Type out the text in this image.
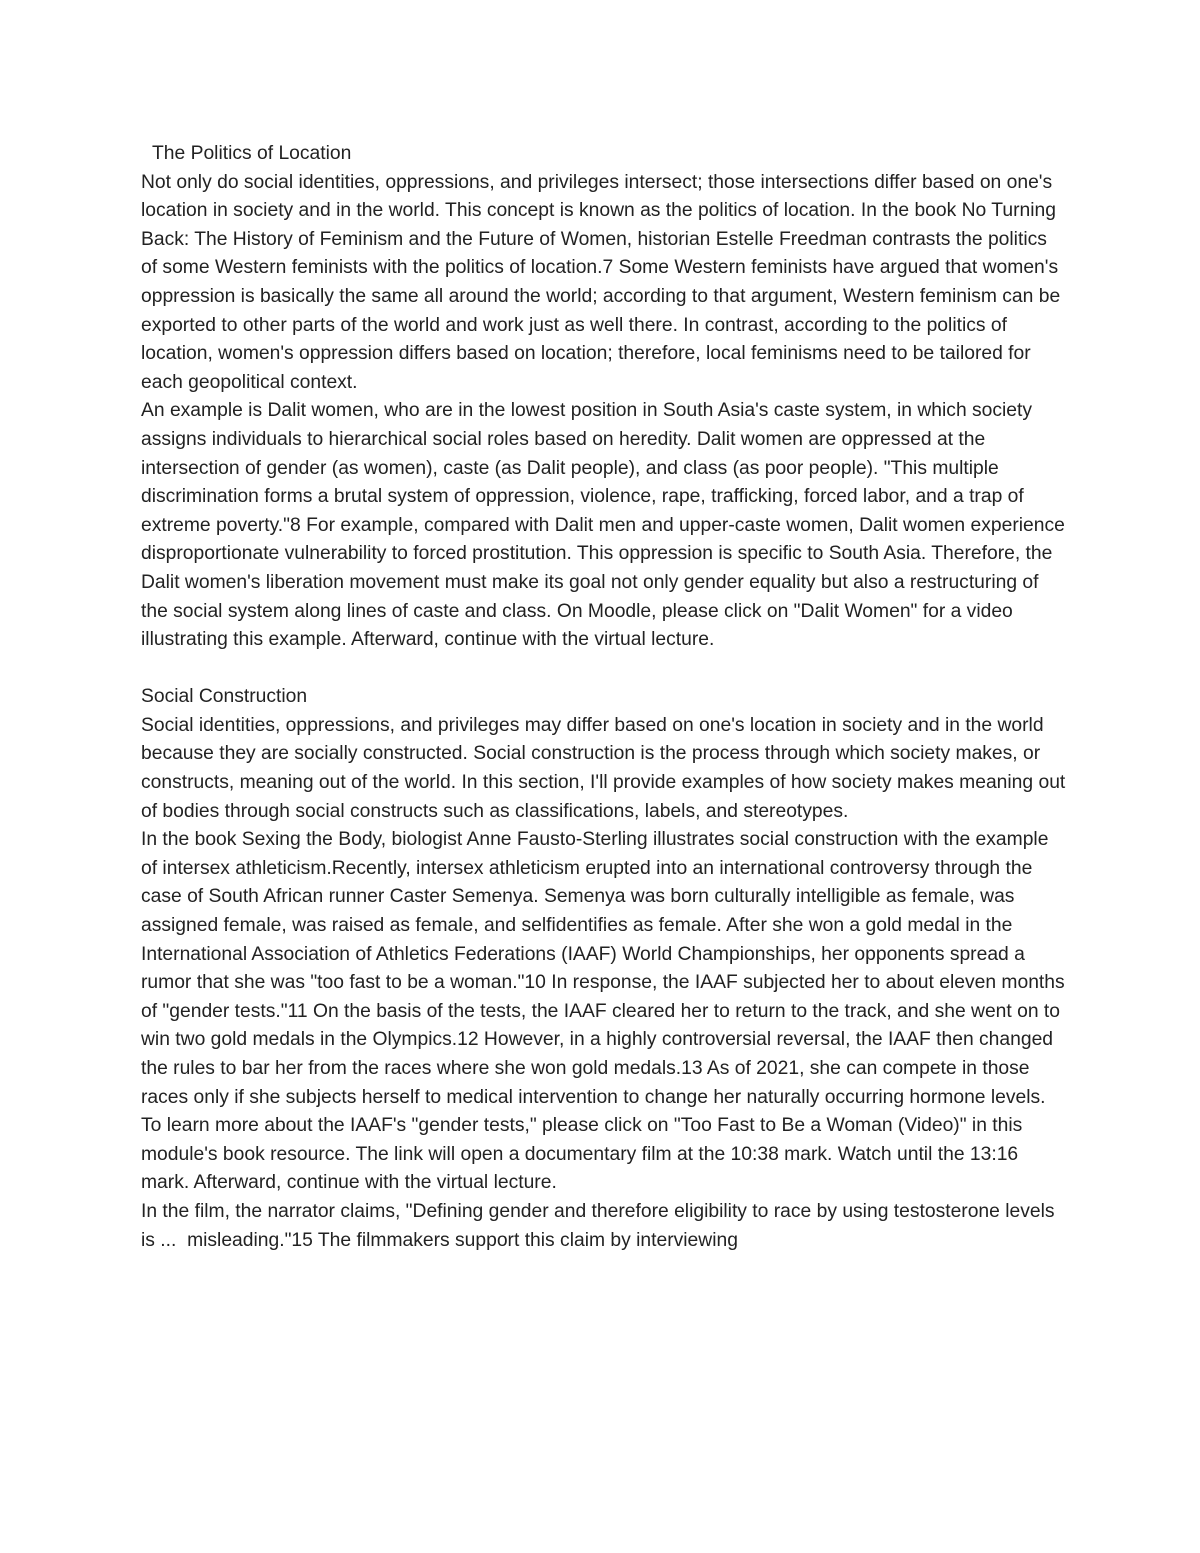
The Politics of Location

Not only do social identities, oppressions, and privileges intersect; those intersections differ based on one's location in society and in the world. This concept is known as the politics of location. In the book No Turning Back: The History of Feminism and the Future of Women, historian Estelle Freedman contrasts the politics of some Western feminists with the politics of location.7 Some Western feminists have argued that women's oppression is basically the same all around the world; according to that argument, Western feminism can be exported to other parts of the world and work just as well there. In contrast, according to the politics of location, women's oppression differs based on location; therefore, local feminisms need to be tailored for each geopolitical context.

An example is Dalit women, who are in the lowest position in South Asia's caste system, in which society assigns individuals to hierarchical social roles based on heredity. Dalit women are oppressed at the intersection of gender (as women), caste (as Dalit people), and class (as poor people). "This multiple discrimination forms a brutal system of oppression, violence, rape, trafficking, forced labor, and a trap of extreme poverty."8 For example, compared with Dalit men and upper-caste women, Dalit women experience disproportionate vulnerability to forced prostitution. This oppression is specific to South Asia. Therefore, the Dalit women's liberation movement must make its goal not only gender equality but also a restructuring of the social system along lines of caste and class. On Moodle, please click on "Dalit Women" for a video illustrating this example. Afterward, continue with the virtual lecture.

Social Construction

Social identities, oppressions, and privileges may differ based on one's location in society and in the world because they are socially constructed. Social construction is the process through which society makes, or constructs, meaning out of the world. In this section, I'll provide examples of how society makes meaning out of bodies through social constructs such as classifications, labels, and stereotypes.

In the book Sexing the Body, biologist Anne Fausto-Sterling illustrates social construction with the example of intersex athleticism.Recently, intersex athleticism erupted into an international controversy through the case of South African runner Caster Semenya. Semenya was born culturally intelligible as female, was assigned female, was raised as female, and selfidentifies as female. After she won a gold medal in the International Association of Athletics Federations (IAAF) World Championships, her opponents spread a rumor that she was "too fast to be a woman."10 In response, the IAAF subjected her to about eleven months of "gender tests."11 On the basis of the tests, the IAAF cleared her to return to the track, and she went on to win two gold medals in the Olympics.12 However, in a highly controversial reversal, the IAAF then changed the rules to bar her from the races where she won gold medals.13 As of 2021, she can compete in those races only if she subjects herself to medical intervention to change her naturally occurring hormone levels.

To learn more about the IAAF's "gender tests," please click on "Too Fast to Be a Woman (Video)" in this module's book resource. The link will open a documentary film at the 10:38 mark. Watch until the 13:16 mark. Afterward, continue with the virtual lecture.

In the film, the narrator claims, "Defining gender and therefore eligibility to race by using testosterone levels is ...  misleading."15 The filmmakers support this claim by interviewing
